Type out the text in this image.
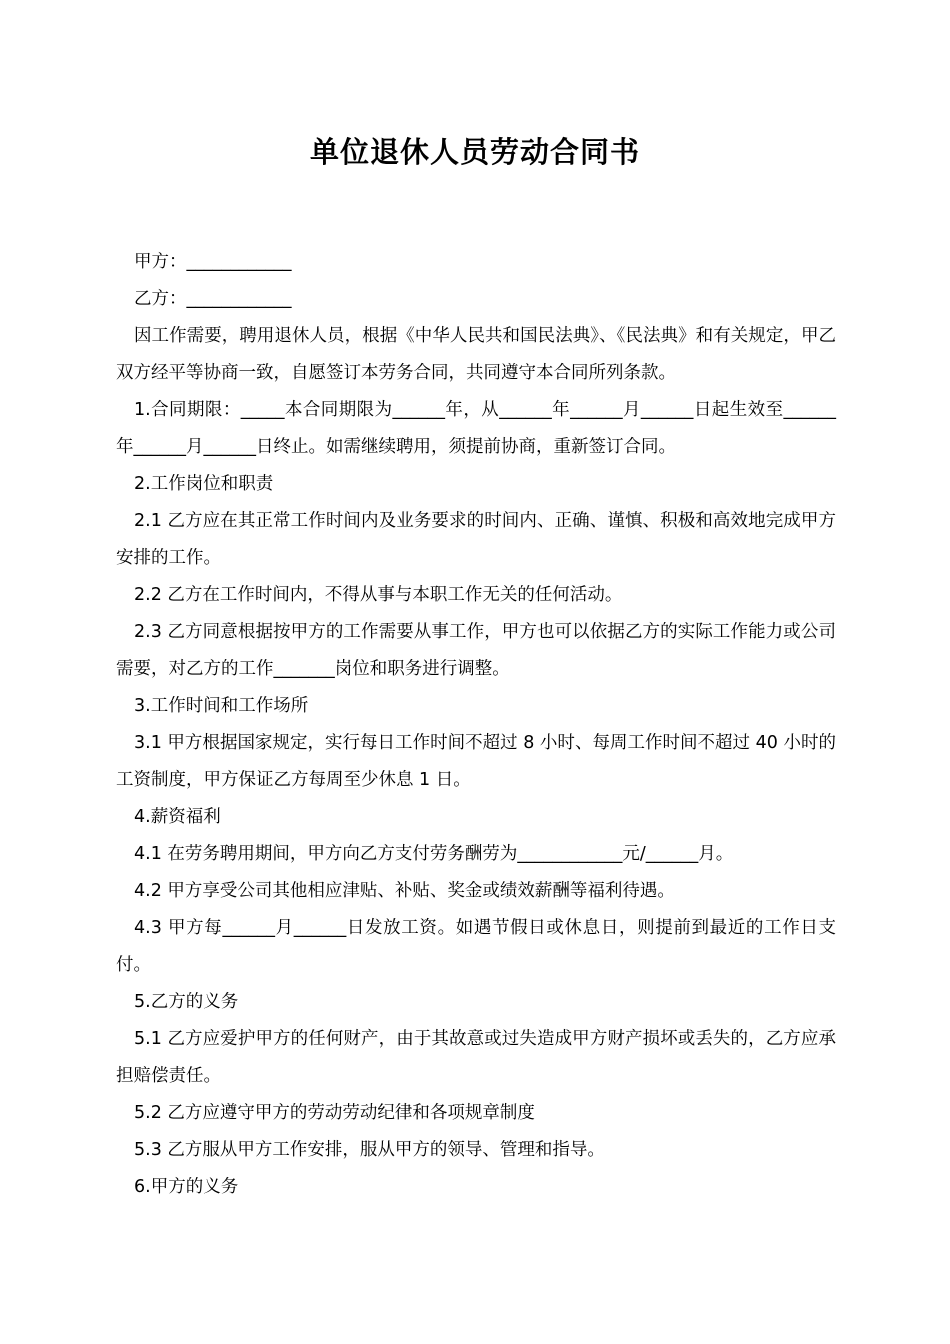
单位退休人员劳动合同书

甲方：____________

乙方：____________

因工作需要，聘用退休人员，根据《中华人民共和国民法典》、《民法典》和有关规定，甲乙双方经平等协商一致，自愿签订本劳务合同，共同遵守本合同所列条款。

1.合同期限：_____本合同期限为______年，从______年______月______日起生效至______年______月______日终止。如需继续聘用，须提前协商，重新签订合同。

2.工作岗位和职责

2.1 乙方应在其正常工作时间内及业务要求的时间内、正确、谨慎、积极和高效地完成甲方安排的工作。

2.2 乙方在工作时间内，不得从事与本职工作无关的任何活动。

2.3 乙方同意根据按甲方的工作需要从事工作，甲方也可以依据乙方的实际工作能力或公司需要，对乙方的工作_______岗位和职务进行调整。

3.工作时间和工作场所

3.1 甲方根据国家规定，实行每日工作时间不超过 8 小时、每周工作时间不超过 40 小时的工资制度，甲方保证乙方每周至少休息 1 日。

4.薪资福利

4.1 在劳务聘用期间，甲方向乙方支付劳务酬劳为____________元/______月。

4.2 甲方享受公司其他相应津贴、补贴、奖金或绩效薪酬等福利待遇。

4.3 甲方每______月______日发放工资。如遇节假日或休息日，则提前到最近的工作日支付。

5.乙方的义务

5.1 乙方应爱护甲方的任何财产，由于其故意或过失造成甲方财产损坏或丢失的，乙方应承担赔偿责任。

5.2 乙方应遵守甲方的劳动劳动纪律和各项规章制度

5.3 乙方服从甲方工作安排，服从甲方的领导、管理和指导。

6.甲方的义务
